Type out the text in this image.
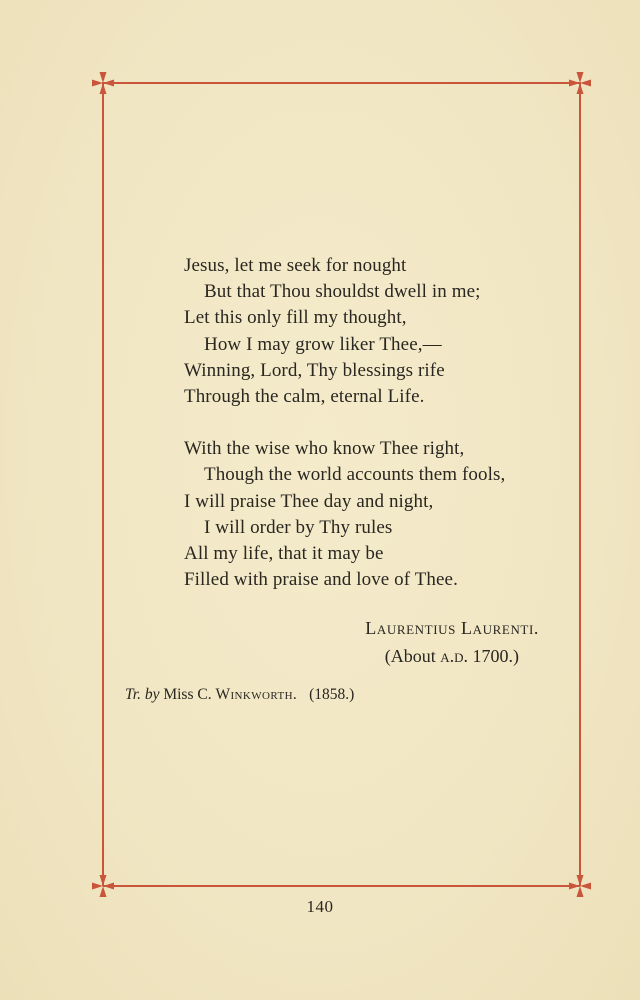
Jesus, let me seek for nought
But that Thou shouldst dwell in me;
Let this only fill my thought,
How I may grow liker Thee,—
Winning, Lord, Thy blessings rife
Through the calm, eternal Life.

With the wise who know Thee right,
Though the world accounts them fools,
I will praise Thee day and night,
I will order by Thy rules
All my life, that it may be
Filled with praise and love of Thee.

Laurentius Laurenti.
(About a.d. 1700.)
Tr. by Miss C. Winkworth. (1858.)
140
